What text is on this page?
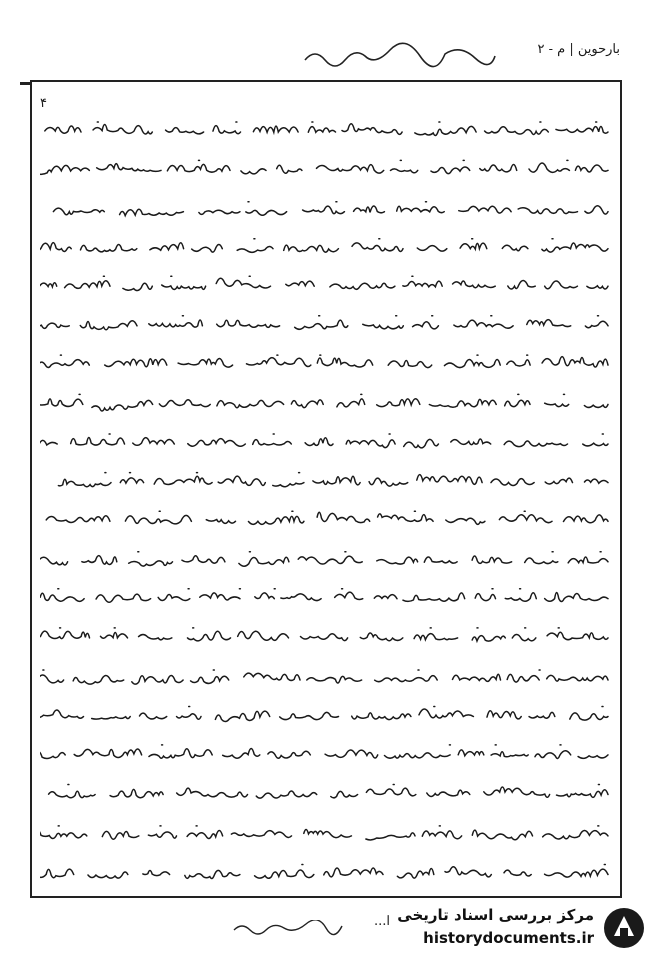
بارحوین | م - ۲
۴
ا... مرکز بررسی اسناد تاریخی
historydocuments.ir
